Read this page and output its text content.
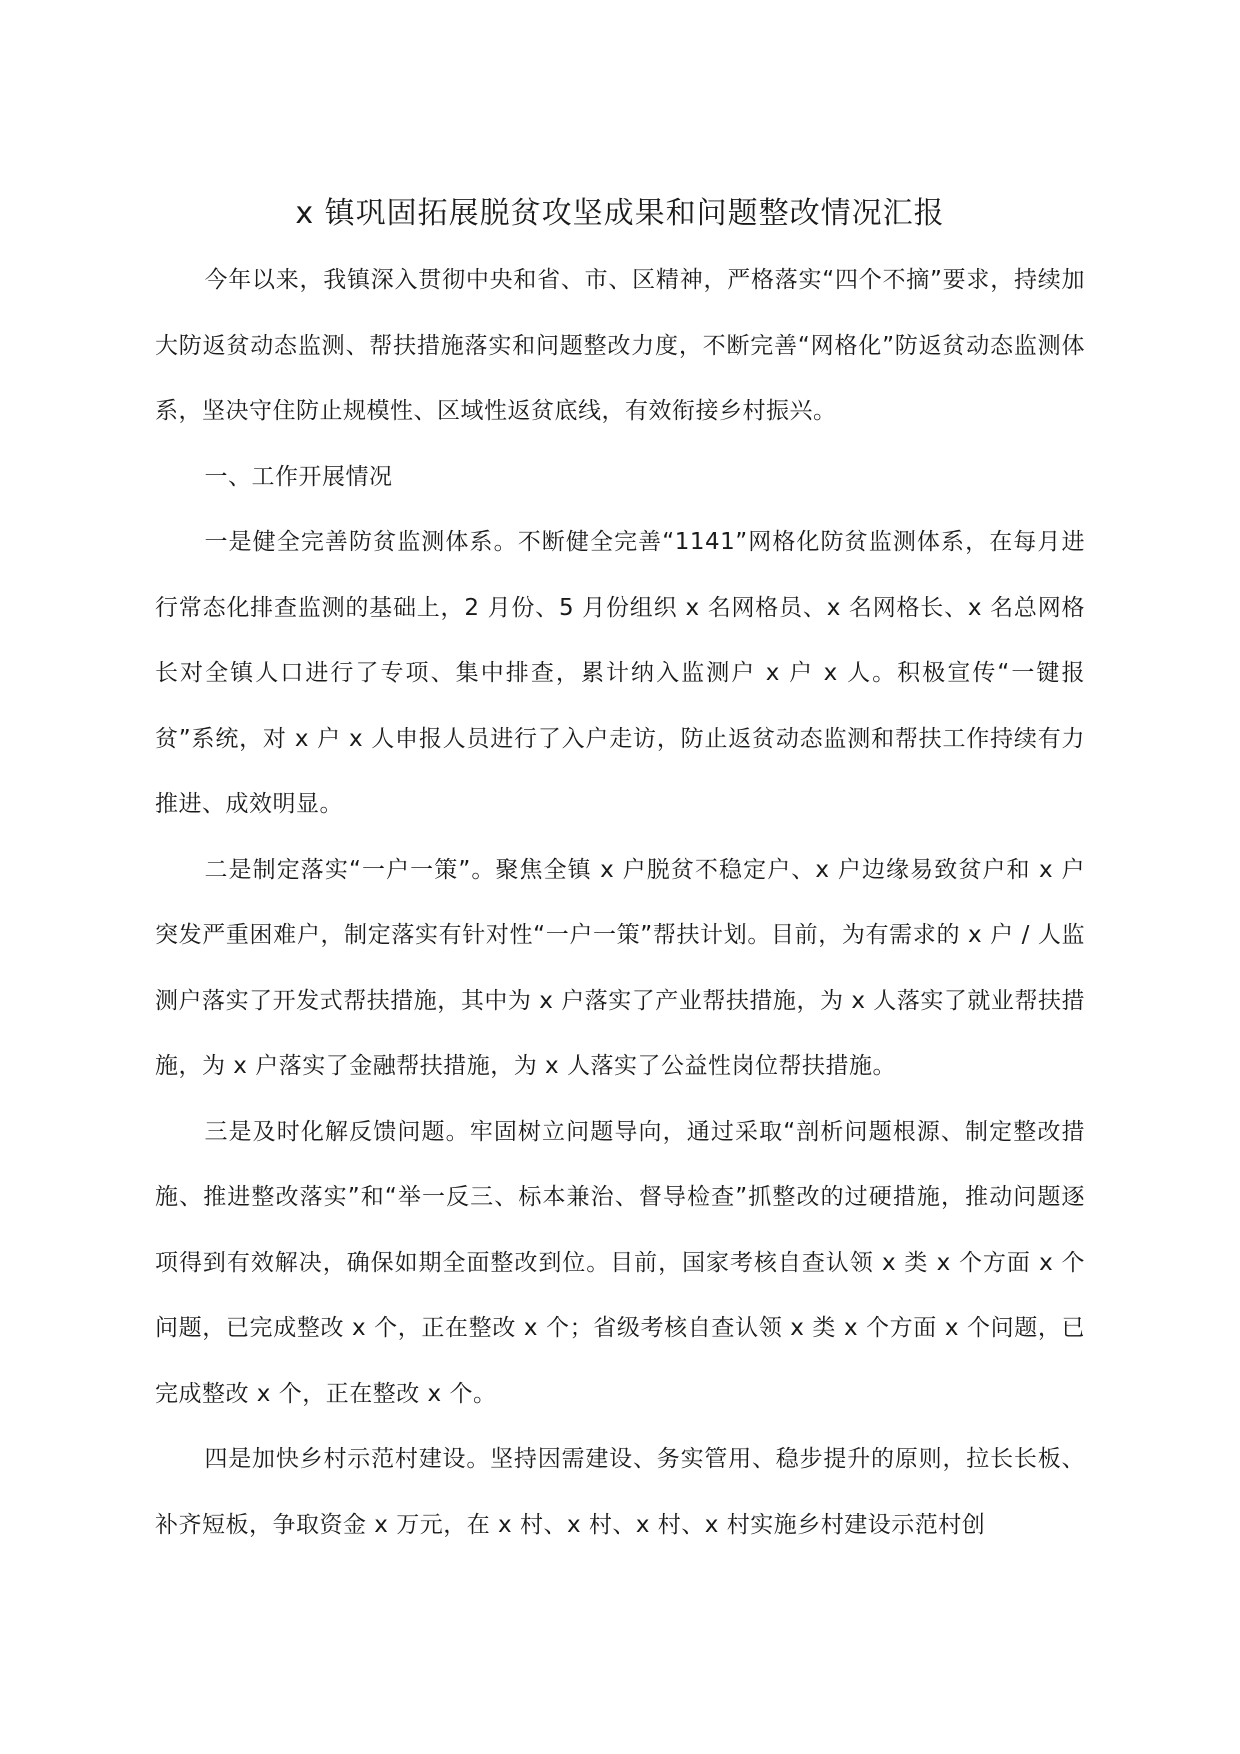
x 镇巩固拓展脱贫攻坚成果和问题整改情况汇报

今年以来，我镇深入贯彻中央和省、市、区精神，严格落实“四个不摘”要求，持续加大防返贫动态监测、帮扶措施落实和问题整改力度，不断完善“网格化”防返贫动态监测体系，坚决守住防止规模性、区域性返贫底线，有效衔接乡村振兴。

一、工作开展情况

一是健全完善防贫监测体系。不断健全完善“1141”网格化防贫监测体系，在每月进行常态化排查监测的基础上，2 月份、5 月份组织 x 名网格员、x 名网格长、x 名总网格长对全镇人口进行了专项、集中排查，累计纳入监测户 x 户 x 人。积极宣传“一键报贫”系统，对 x 户 x 人申报人员进行了入户走访，防止返贫动态监测和帮扶工作持续有力推进、成效明显。

二是制定落实“一户一策”。聚焦全镇 x 户脱贫不稳定户、x 户边缘易致贫户和 x 户突发严重困难户，制定落实有针对性“一户一策”帮扶计划。目前，为有需求的 x 户 / 人监测户落实了开发式帮扶措施，其中为 x 户落实了产业帮扶措施，为 x 人落实了就业帮扶措施，为 x 户落实了金融帮扶措施，为 x 人落实了公益性岗位帮扶措施。

三是及时化解反馈问题。牢固树立问题导向，通过采取“剖析问题根源、制定整改措施、推进整改落实”和“举一反三、标本兼治、督导检查”抓整改的过硬措施，推动问题逐项得到有效解决，确保如期全面整改到位。目前，国家考核自查认领 x 类 x 个方面 x 个问题，已完成整改 x 个，正在整改 x 个；省级考核自查认领 x 类 x 个方面 x 个问题，已完成整改 x 个，正在整改 x 个。

四是加快乡村示范村建设。坚持因需建设、务实管用、稳步提升的原则，拉长长板、补齐短板，争取资金 x 万元，在 x 村、x 村、x 村、x 村实施乡村建设示范村创
